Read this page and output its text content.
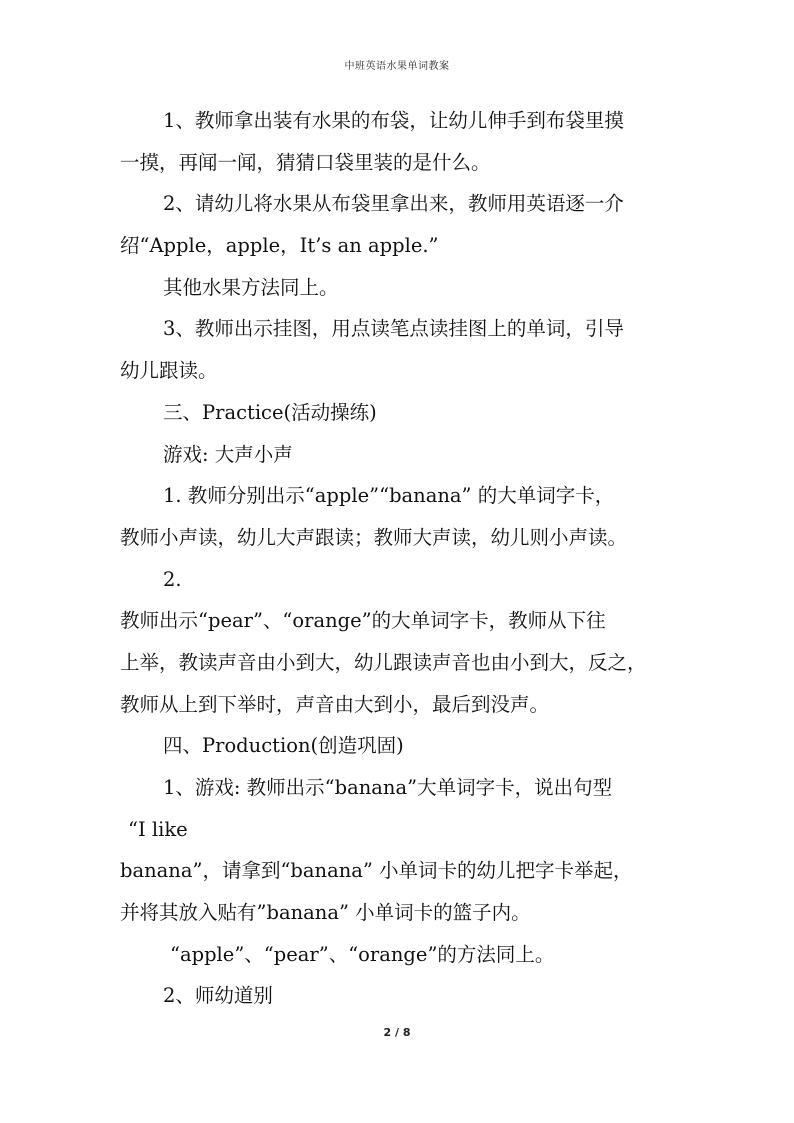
中班英语水果单词教案
1、教师拿出装有水果的布袋，让幼儿伸手到布袋里摸
一摸，再闻一闻，猜猜口袋里装的是什么。
2、请幼儿将水果从布袋里拿出来，教师用英语逐一介
绍“Apple，apple，It’s an apple.”
其他水果方法同上。
3、教师出示挂图，用点读笔点读挂图上的单词，引导
幼儿跟读。
三、Practice(活动操练)
游戏: 大声小声
1. 教师分别出示“apple”“banana” 的大单词字卡，
教师小声读，幼儿大声跟读；教师大声读，幼儿则小声读。
2.
教师出示“pear”、“orange”的大单词字卡，教师从下往
上举，教读声音由小到大，幼儿跟读声音也由小到大，反之，
教师从上到下举时，声音由大到小，最后到没声。
四、Production(创造巩固)
1、游戏: 教师出示“banana”大单词字卡，说出句型
“I like
banana”，请拿到“banana” 小单词卡的幼儿把字卡举起，
并将其放入贴有”banana” 小单词卡的篮子内。
“apple”、“pear”、“orange”的方法同上。
2、师幼道别
2 / 8
